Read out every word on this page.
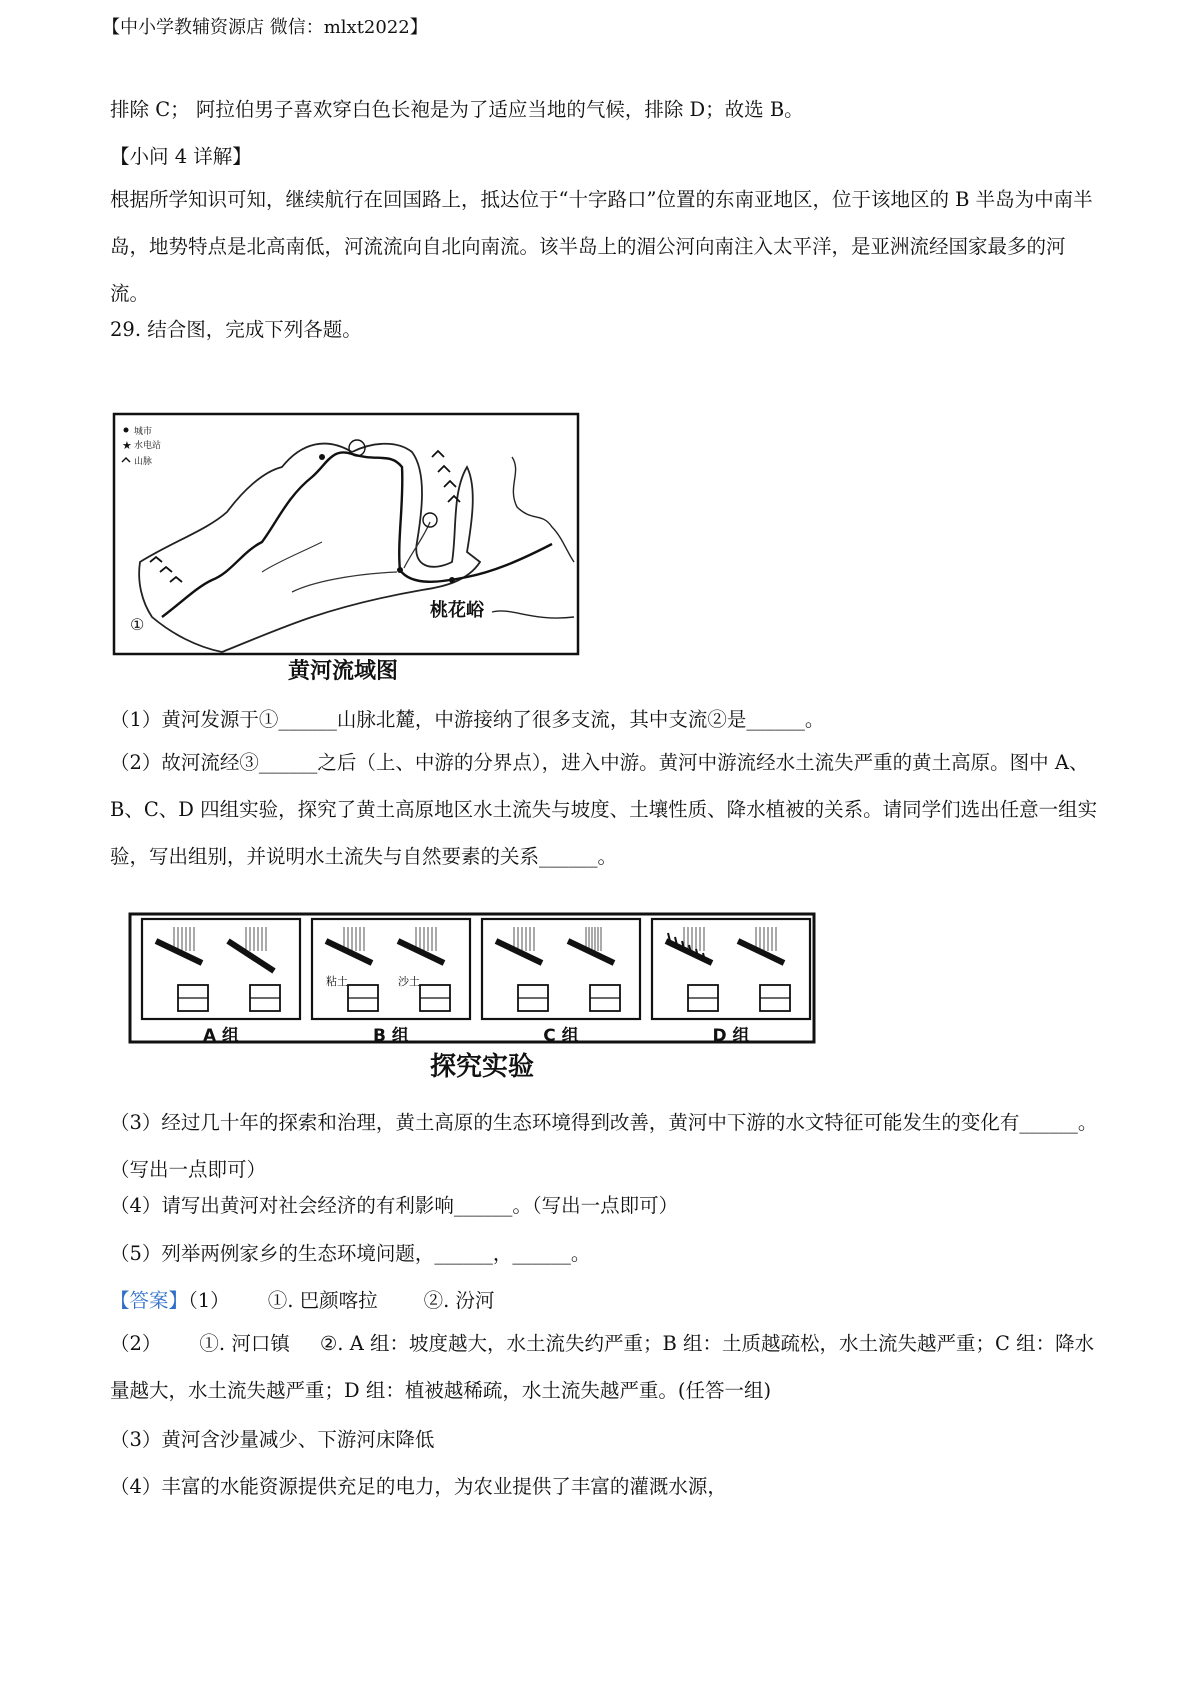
【中小学教辅资源店 微信：mlxt2022】
排除 C； 阿拉伯男子喜欢穿白色长袍是为了适应当地的气候，排除 D；故选 B。
【小问 4 详解】
根据所学知识可知，继续航行在回国路上，抵达位于“十字路口”位置的东南亚地区，位于该地区的 B 半岛为中南半岛，地势特点是北高南低，河流流向自北向南流。该半岛上的湄公河向南注入太平洋，是亚洲流经国家最多的河流。
29. 结合图，完成下列各题。
城市
★ 水电站
山脉
①
桃花峪
黄河流域图
（1）黄河发源于①______山脉北麓，中游接纳了很多支流，其中支流②是______。
（2）故河流经③______之后（上、中游的分界点），进入中游。黄河中游流经水土流失严重的黄土高原。图中 A、B、C、D 四组实验，探究了黄土高原地区水土流失与坡度、土壤性质、降水植被的关系。请同学们选出任意一组实验，写出组别，并说明水土流失与自然要素的关系______。
A 组
粘土	沙土
B 组	C 组	D 组
探究实验
（3）经过几十年的探索和治理，黄土高原的生态环境得到改善，黄河中下游的水文特征可能发生的变化有______。（写出一点即可）
（4）请写出黄河对社会经济的有利影响______。（写出一点即可）
（5）列举两例家乡的生态环境问题，______，______。
【答案】（1） ①. 巴颜喀拉 ②. 汾河
（2） ①. 河口镇 ②. A 组：坡度越大，水土流失约严重；B 组：土质越疏松，水土流失越严重；C 组：降水量越大，水土流失越严重；D 组：植被越稀疏，水土流失越严重。(任答一组)
（3）黄河含沙量减少、下游河床降低
（4）丰富的水能资源提供充足的电力，为农业提供了丰富的灌溉水源，
